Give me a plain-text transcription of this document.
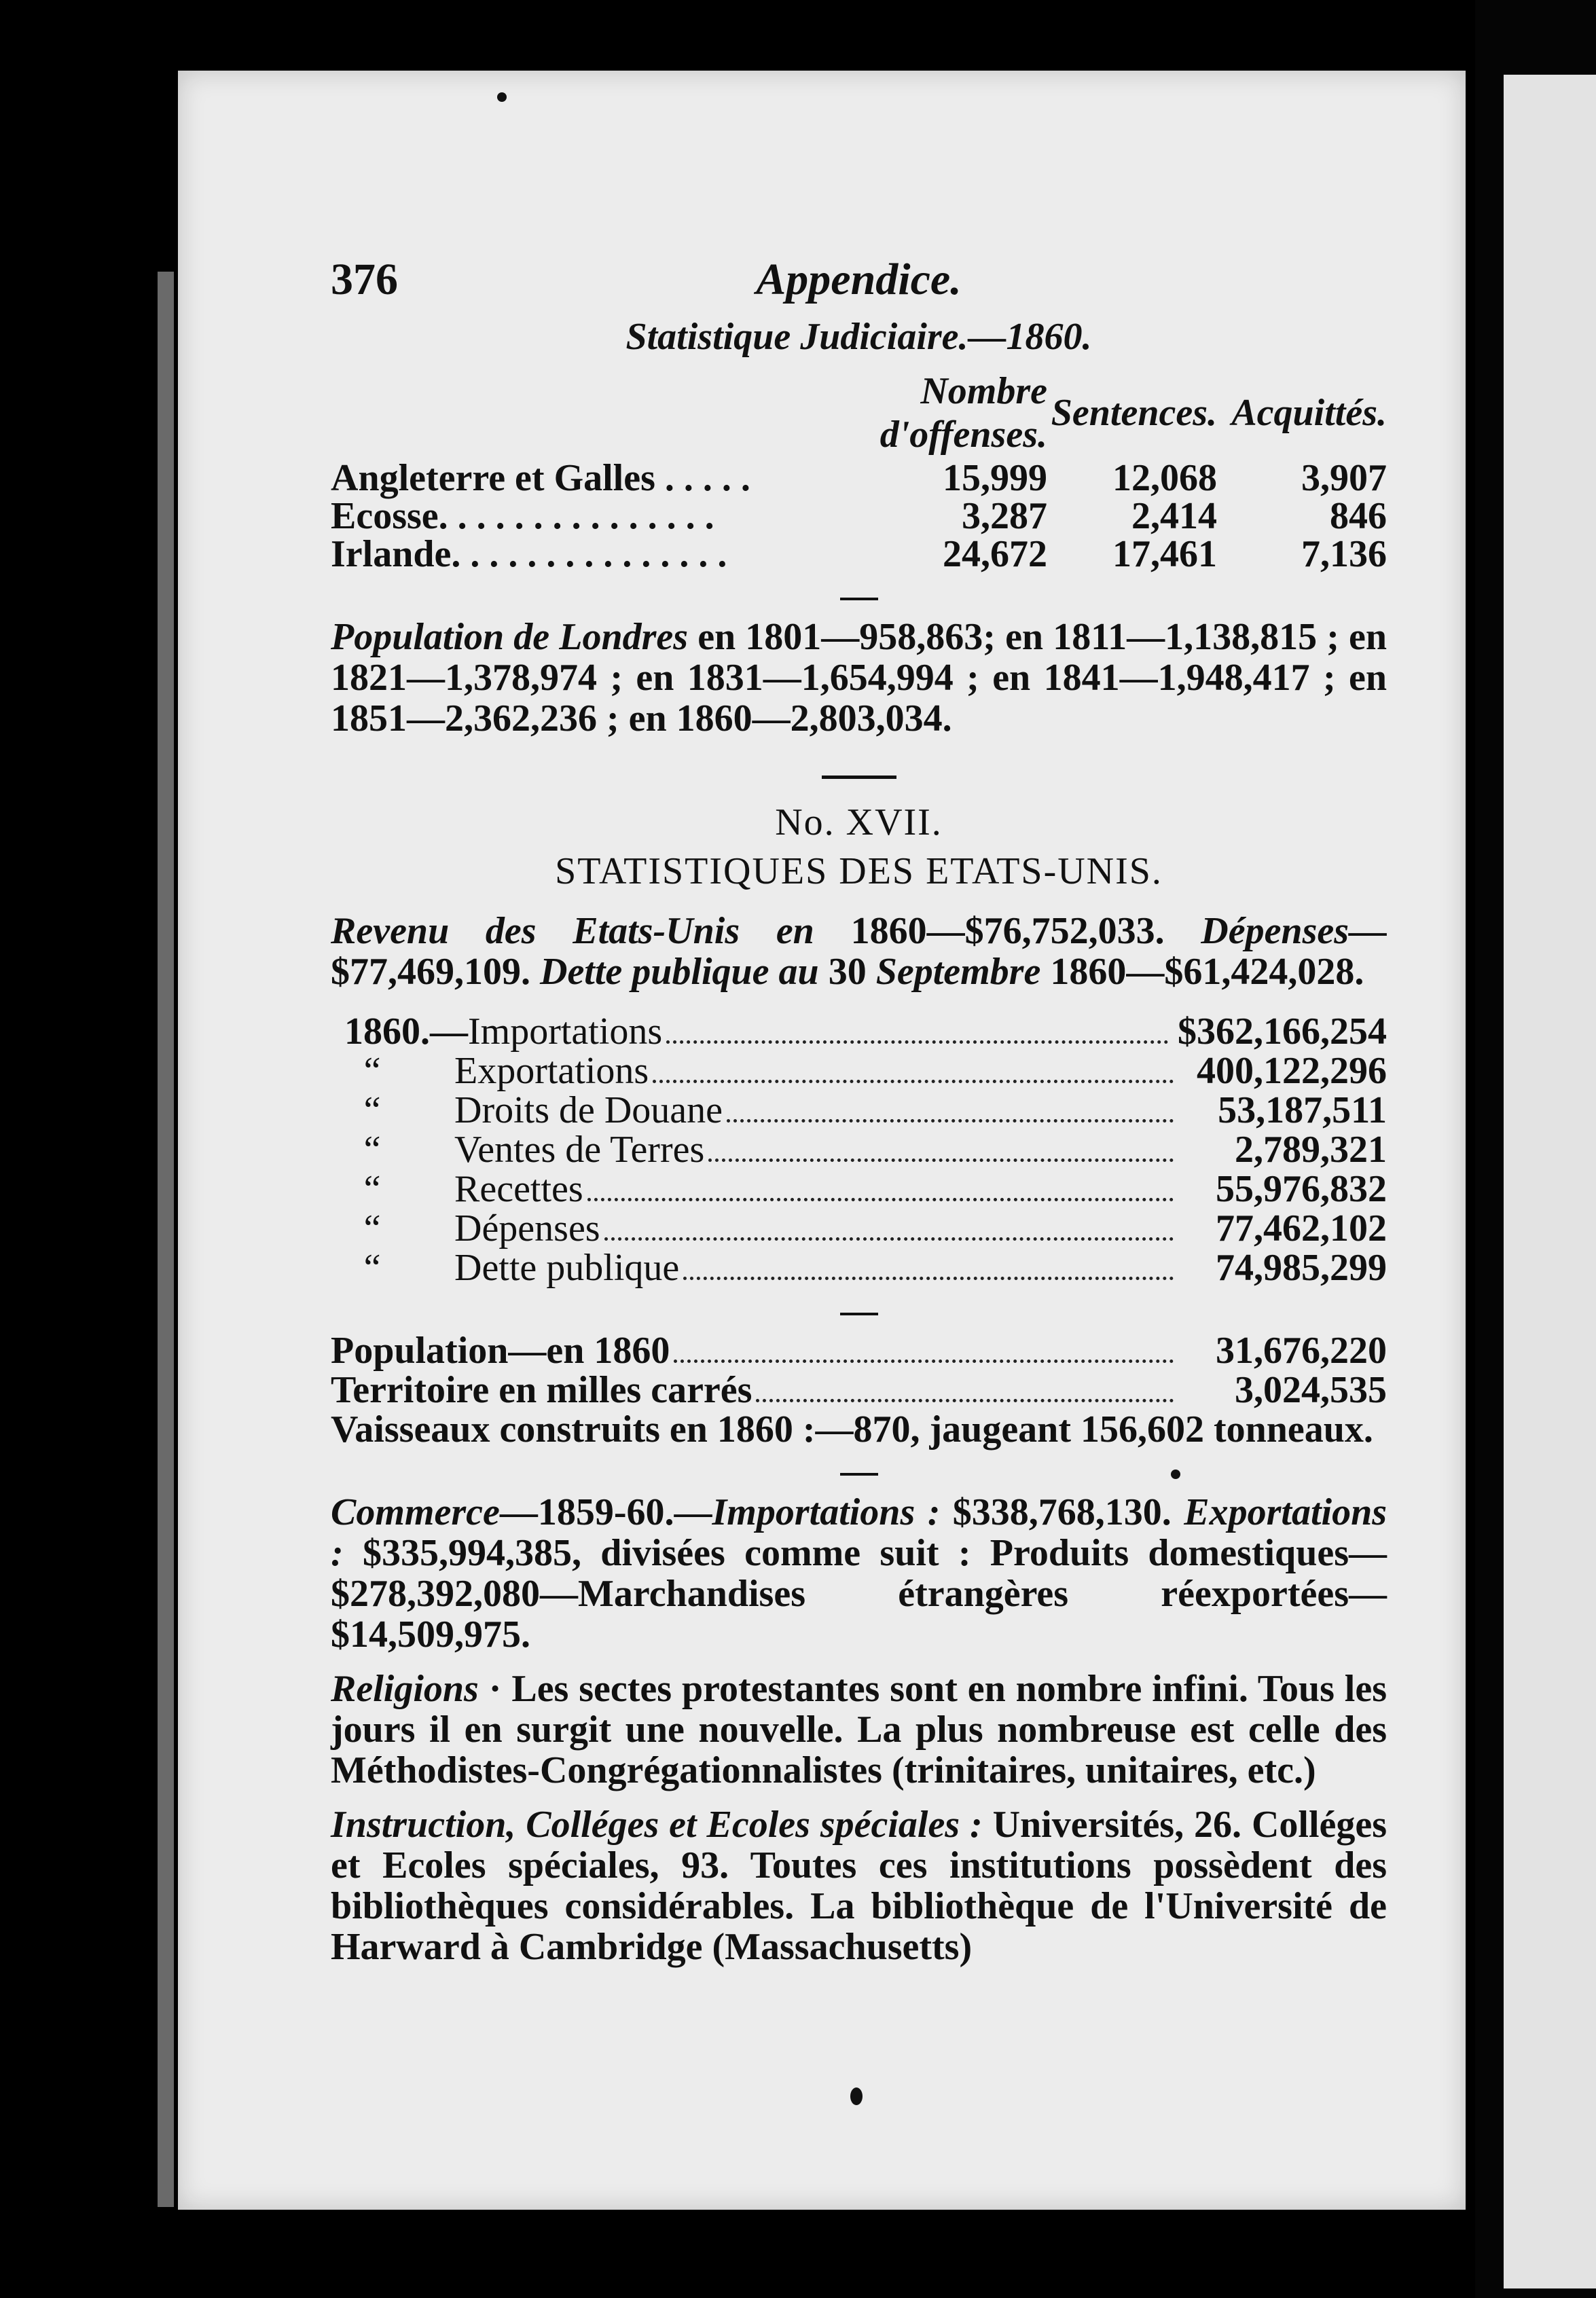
376	Appendice.
Statistique Judiciaire.—1860.
	Nombre d'offenses.	Sentences.	Acquittés.
Angleterre et Galles . . . . .	15,999	12,068	3,907
Ecosse. . . . . . . . . . . . . . .	3,287	2,414	846
Irlande. . . . . . . . . . . . . . .	24,672	17,461	7,136

Population de Londres en 1801—958,863; en 1811—1,138,815 ; en 1821—1,378,974 ; en 1831—1,654,994 ; en 1841—1,948,417 ; en 1851—2,362,236 ; en 1860—2,803,034.

No. XVII.
STATISTIQUES DES ETATS-UNIS.

Revenu des Etats-Unis en 1860—$76,752,033. Dépenses—$77,469,109. Dette publique au 30 Septembre 1860—$61,424,028.

1860.— Importations	$362,166,254
“	Exportations	400,122,296
“	Droits de Douane	53,187,511
“	Ventes de Terres	2,789,321
“	Recettes	55,976,832
“	Dépenses	77,462,102
“	Dette publique	74,985,299
Population—en 1860	31,676,220
Territoire en milles carrés	3,024,535
Vaisseaux construits en 1860 :—870, jaugeant 156,602 tonneaux.

Commerce—1859-60.—Importations : $338,768,130. Exportations : $335,994,385, divisées comme suit : Produits domestiques—$278,392,080—Marchandises étrangères réexportées—$14,509,975.

Religions · Les sectes protestantes sont en nombre infini. Tous les jours il en surgit une nouvelle. La plus nombreuse est celle des Méthodistes-Congrégationnalistes (trinitaires, unitaires, etc.)

Instruction, Colléges et Ecoles spéciales : Universités, 26. Colléges et Ecoles spéciales, 93. Toutes ces institutions possèdent des bibliothèques considérables. La bibliothèque de l'Université de Harward à Cambridge (Massachusetts)
